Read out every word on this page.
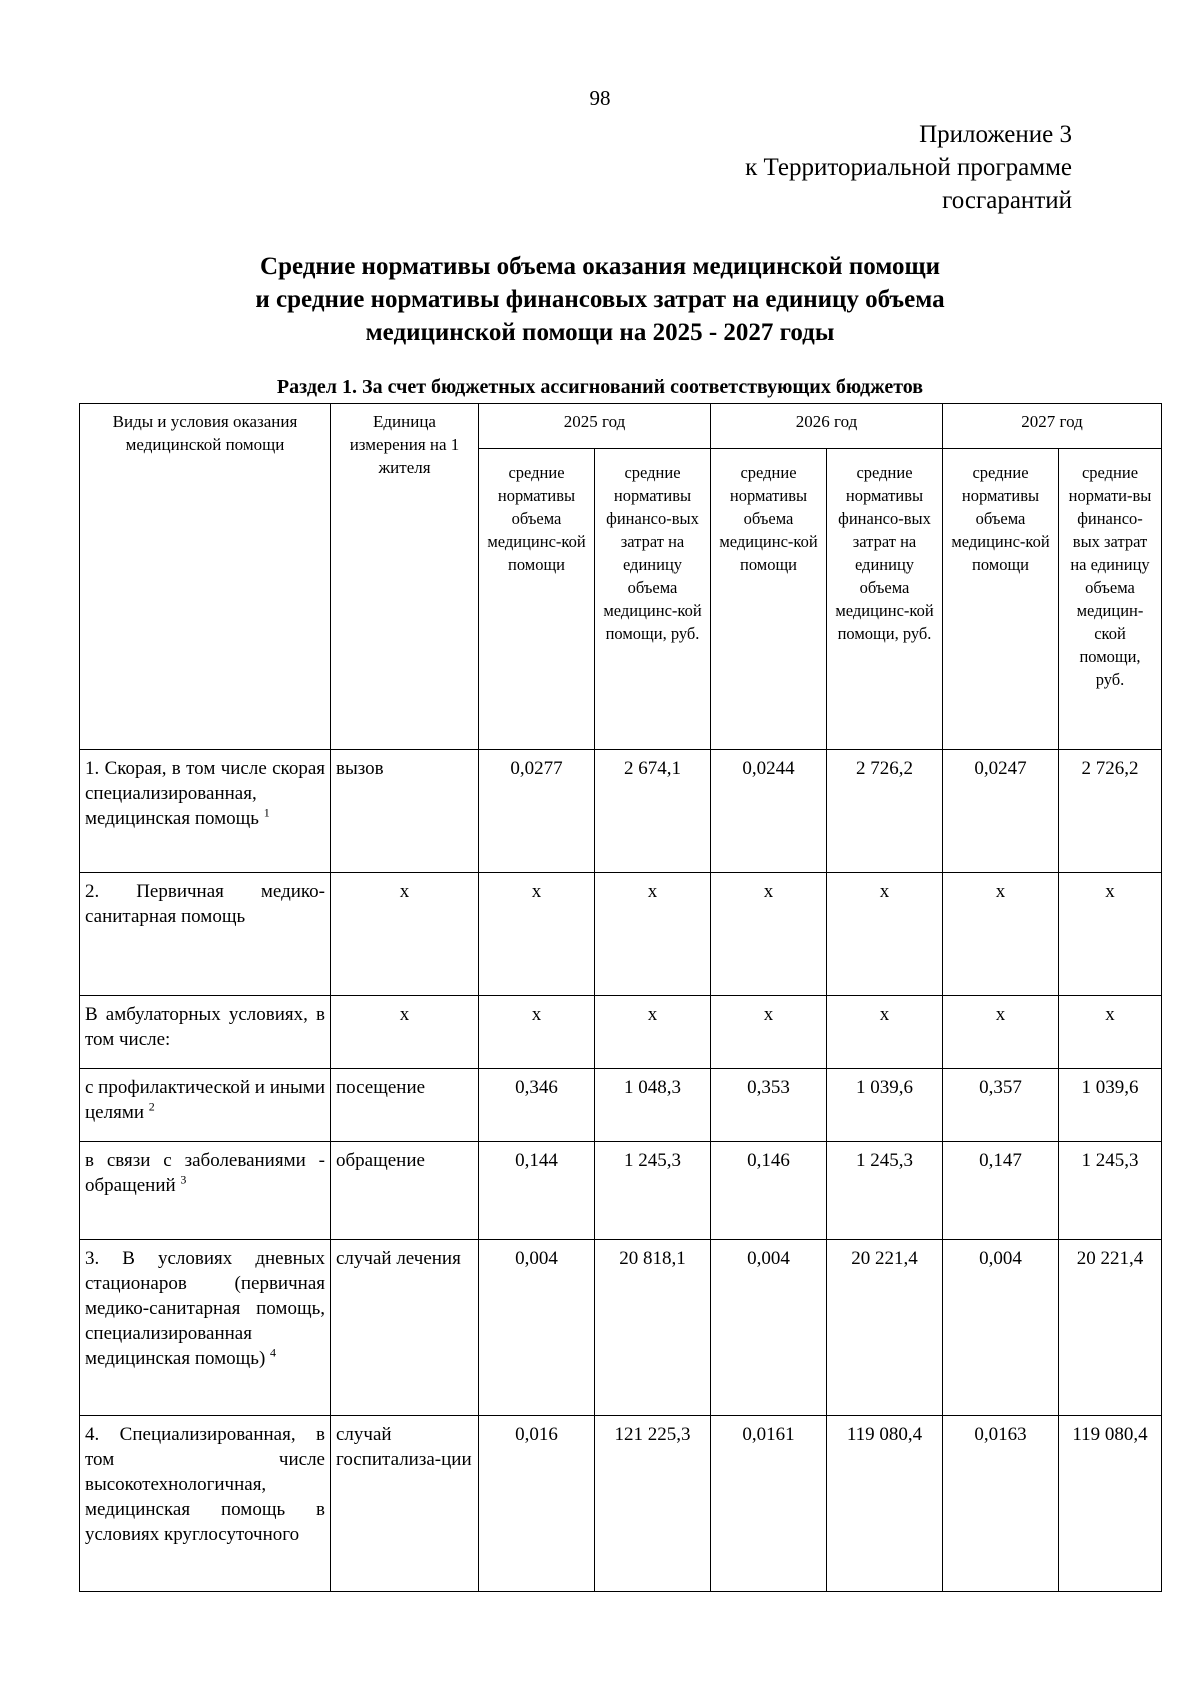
98
Приложение 3
к Территориальной программе
госгарантий
Средние нормативы объема оказания медицинской помощи
и средние нормативы финансовых затрат на единицу объема
медицинской помощи на 2025 - 2027 годы
Раздел 1. За счет бюджетных ассигнований соответствующих бюджетов
Виды и условия оказания медицинской помощи	Единица измерения на 1 жителя	2025 год		2026 год		2027 год	
		средние нормативы объема медицинс-кой помощи	средние нормативы финансо-вых затрат на единицу объема медицинс-кой помощи, руб.	средние нормативы объема медицинс-кой помощи	средние нормативы финансо-вых затрат на единицу объема медицинс-кой помощи, руб.	средние нормативы объема медицинс-кой помощи	средние нормати-вы финансо-вых затрат на единицу объема медицин-ской помощи, руб.
1. Скорая, в том числе скорая специализированная, медицинская помощь $^1$	вызов	0,0277	2 674,1	0,0244	2 726,2	0,0247	2 726,2
2. Первичная медико-санитарная помощь	х	х	х	х	х	х	х
В амбулаторных условиях, в том числе:	х	х	х	х	х	х	х
с профилактической и иными целями $^2$	посещение	0,346	1 048,3	0,353	1 039,6	0,357	1 039,6
в связи с заболеваниями - обращений $^3$	обращение	0,144	1 245,3	0,146	1 245,3	0,147	1 245,3
3. В условиях дневных стационаров (первичная медико-санитарная помощь, специализированная медицинская помощь) $^4$	случай лечения	0,004	20 818,1	0,004	20 221,4	0,004	20 221,4
4. Специализированная, в том числе высокотехнологичная, медицинская помощь в условиях круглосуточного	случай госпитализа-ции	0,016	121 225,3	0,0161	119 080,4	0,0163	119 080,4
